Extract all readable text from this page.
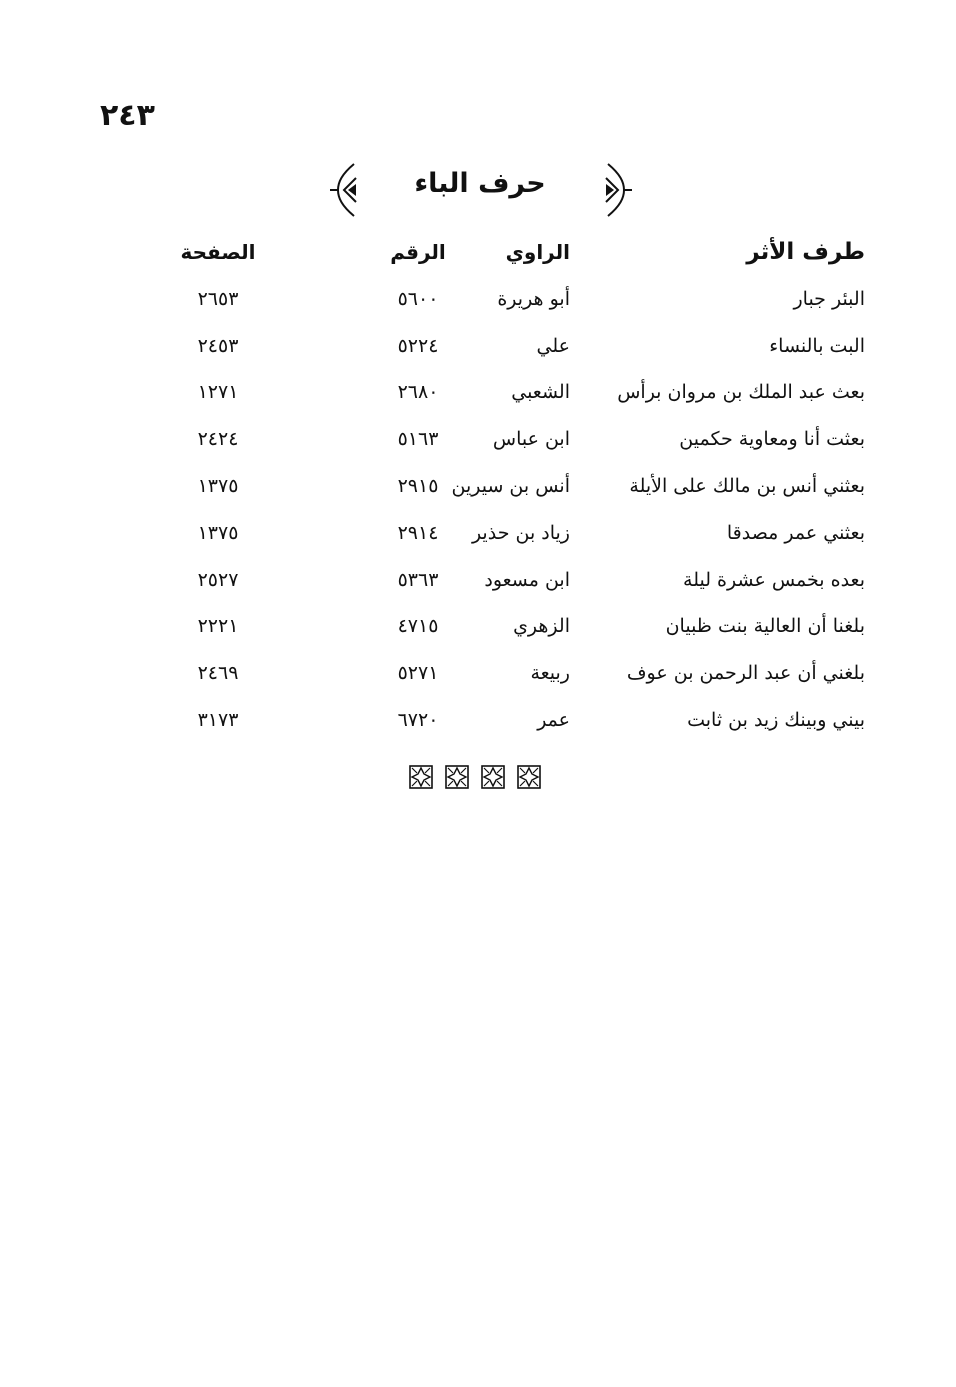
٢٤٣
حرف الباء
طرف الأثر
الراوي
الرقم
الصفحة
البئر جبار
أبو هريرة
٥٦٠٠
٢٦٥٣
البت بالنساء
علي
٥٢٢٤
٢٤٥٣
بعث عبد الملك بن مروان برأس
الشعبي
٢٦٨٠
١٢٧١
بعثت أنا ومعاوية حكمين
ابن عباس
٥١٦٣
٢٤٢٤
بعثني أنس بن مالك على الأيلة
أنس بن سيرين
٢٩١٥
١٣٧٥
بعثني عمر مصدقا
زياد بن حذير
٢٩١٤
١٣٧٥
بعده بخمس عشرة ليلة
ابن مسعود
٥٣٦٣
٢٥٢٧
بلغنا أن العالية بنت ظبيان
الزهري
٤٧١٥
٢٢٢١
بلغني أن عبد الرحمن بن عوف
ربيعة
٥٢٧١
٢٤٦٩
بيني وبينك زيد بن ثابت
عمر
٦٧٢٠
٣١٧٣
